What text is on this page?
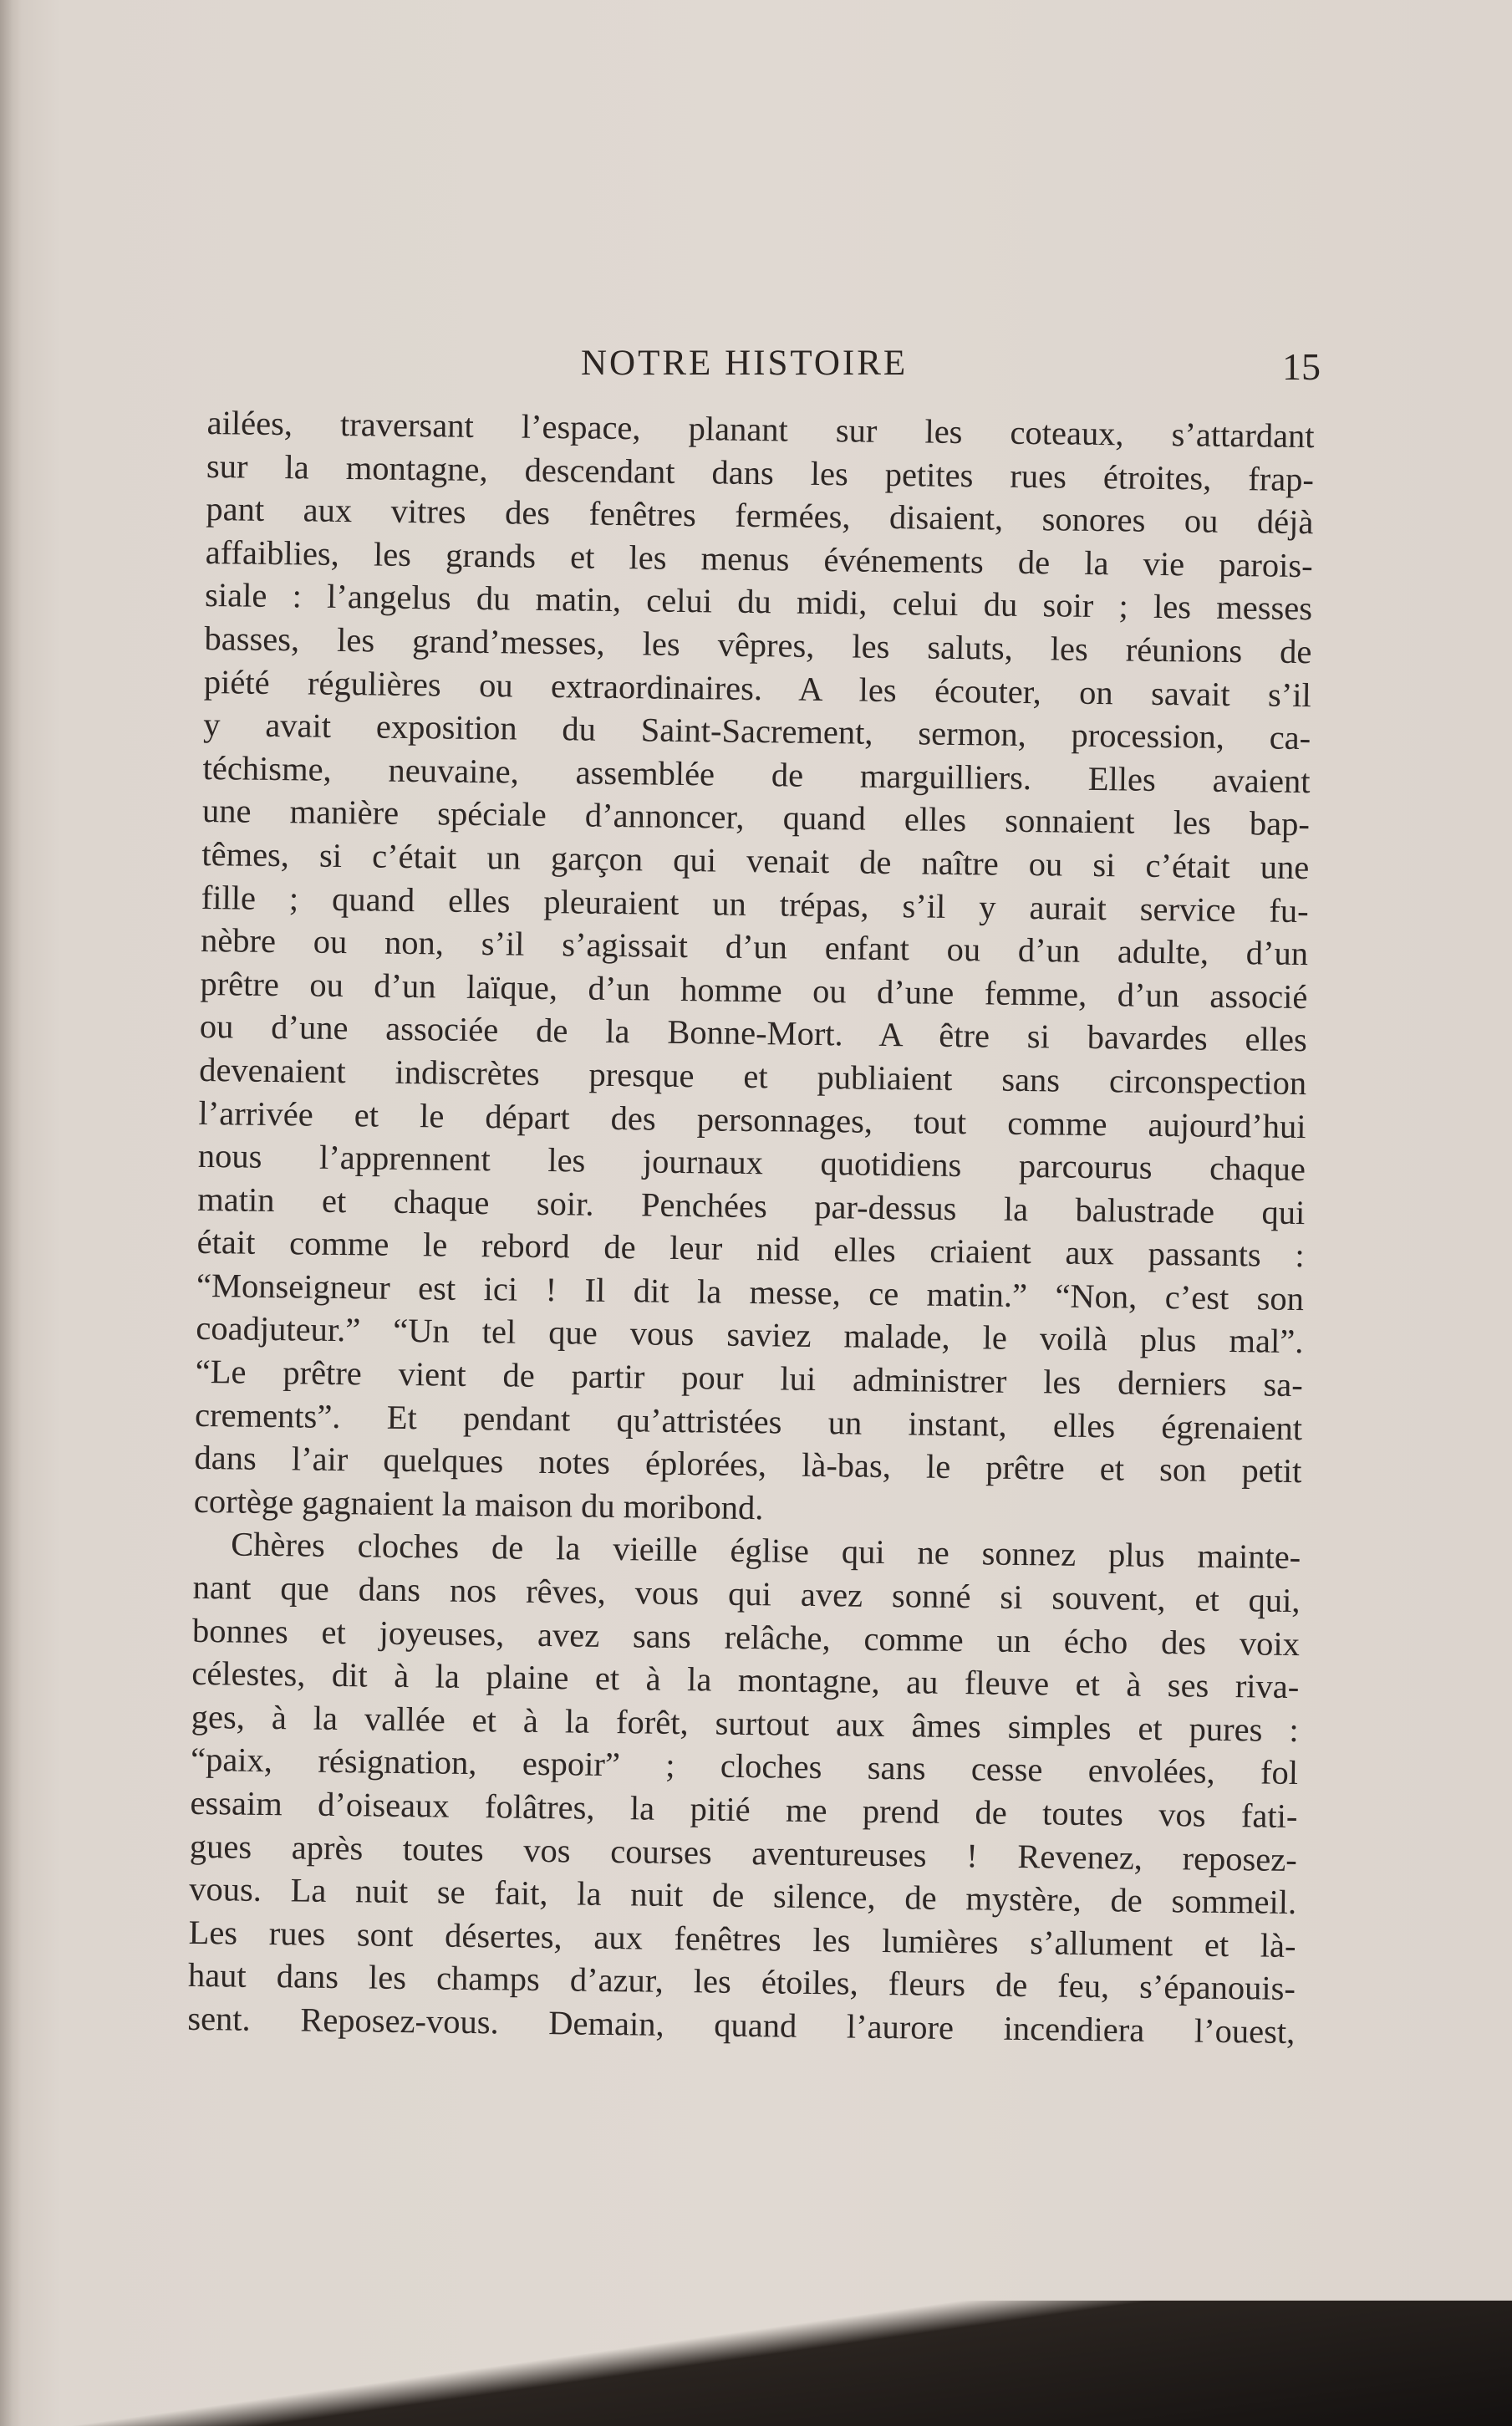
NOTRE HISTOIRE	15
ailées, traversant l’espace, planant sur les coteaux, s’attardant
sur la montagne, descendant dans les petites rues étroites, frap-
pant aux vitres des fenêtres fermées, disaient, sonores ou déjà
affaiblies, les grands et les menus événements de la vie parois-
siale : l’angelus du matin, celui du midi, celui du soir ; les messes
basses, les grand’messes, les vêpres, les saluts, les réunions de
piété régulières ou extraordinaires. A les écouter, on savait s’il
y avait exposition du Saint-Sacrement, sermon, procession, ca-
téchisme, neuvaine, assemblée de marguilliers. Elles avaient
une manière spéciale d’annoncer, quand elles sonnaient les bap-
têmes, si c’était un garçon qui venait de naître ou si c’était une
fille ; quand elles pleuraient un trépas, s’il y aurait service fu-
nèbre ou non, s’il s’agissait d’un enfant ou d’un adulte, d’un
prêtre ou d’un laïque, d’un homme ou d’une femme, d’un associé
ou d’une associée de la Bonne-Mort. A être si bavardes elles
devenaient indiscrètes presque et publiaient sans circonspection
l’arrivée et le départ des personnages, tout comme aujourd’hui
nous l’apprennent les journaux quotidiens parcourus chaque
matin et chaque soir. Penchées par-dessus la balustrade qui
était comme le rebord de leur nid elles criaient aux passants :
“Monseigneur est ici ! Il dit la messe, ce matin.” “Non, c’est son
coadjuteur.” “Un tel que vous saviez malade, le voilà plus mal”.
“Le prêtre vient de partir pour lui administrer les derniers sa-
crements”. Et pendant qu’attristées un instant, elles égrenaient
dans l’air quelques notes éplorées, là-bas, le prêtre et son petit
cortège gagnaient la maison du moribond.
Chères cloches de la vieille église qui ne sonnez plus mainte-
nant que dans nos rêves, vous qui avez sonné si souvent, et qui,
bonnes et joyeuses, avez sans relâche, comme un écho des voix
célestes, dit à la plaine et à la montagne, au fleuve et à ses riva-
ges, à la vallée et à la forêt, surtout aux âmes simples et pures :
“paix, résignation, espoir” ; cloches sans cesse envolées, fol
essaim d’oiseaux folâtres, la pitié me prend de toutes vos fati-
gues après toutes vos courses aventureuses ! Revenez, reposez-
vous. La nuit se fait, la nuit de silence, de mystère, de sommeil.
Les rues sont désertes, aux fenêtres les lumières s’allument et là-
haut dans les champs d’azur, les étoiles, fleurs de feu, s’épanouis-
sent. Reposez-vous. Demain, quand l’aurore incendiera l’ouest,
